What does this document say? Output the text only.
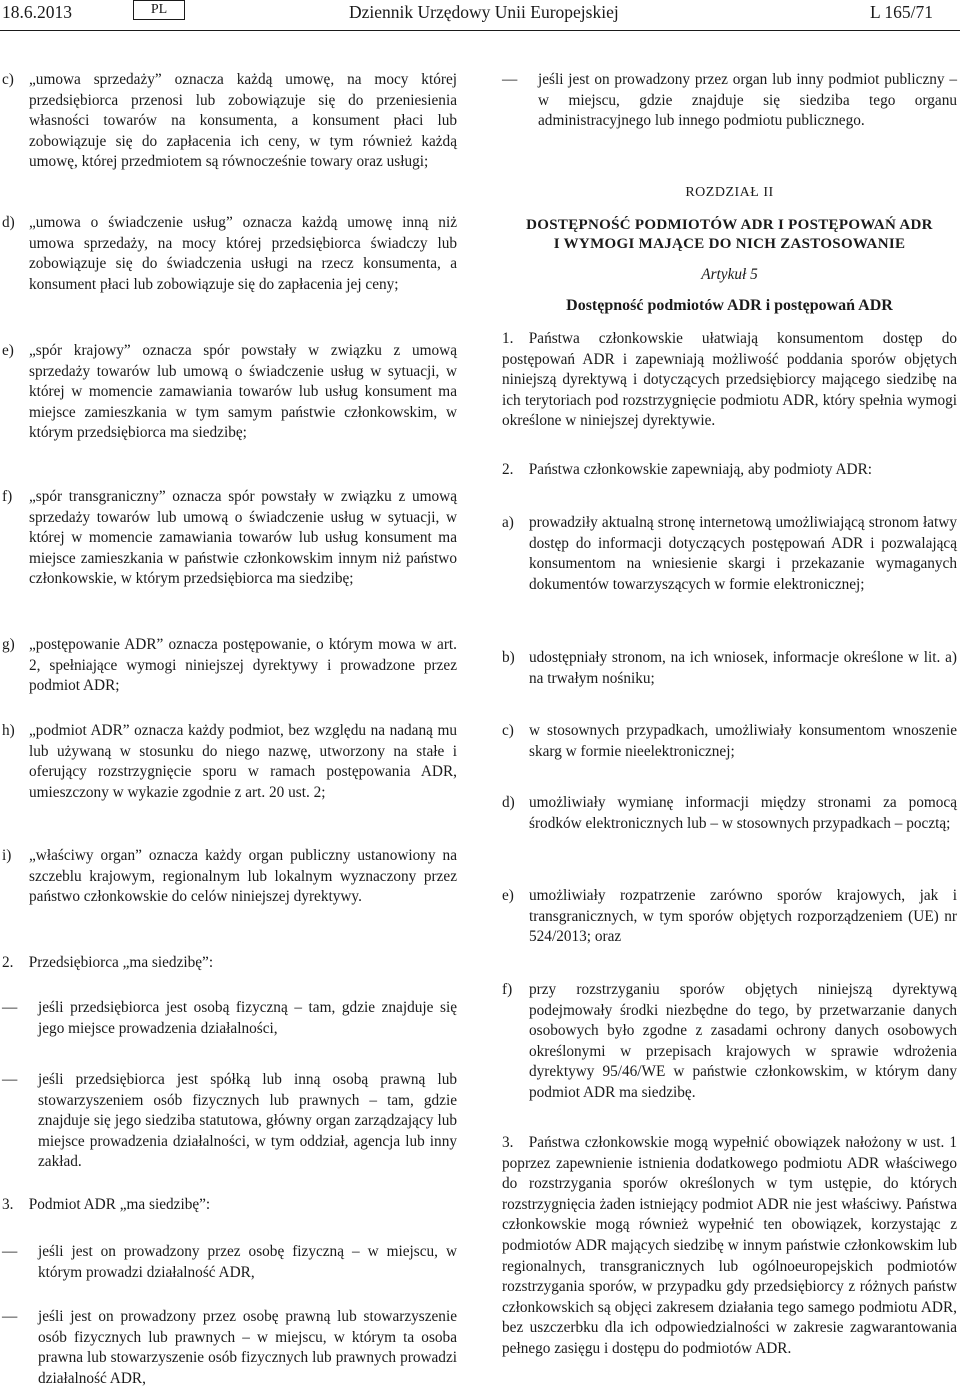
18.6.2013	PL	Dziennik Urzędowy Unii Europejskiej	L 165/71
c) „umowa sprzedaży” oznacza każdą umowę, na mocy której przedsiębiorca przenosi lub zobowiązuje się do przeniesienia własności towarów na konsumenta, a konsument płaci lub zobowiązuje się do zapłacenia ich ceny, w tym również każdą umowę, której przedmiotem są równocześnie towary oraz usługi;
d) „umowa o świadczenie usług” oznacza każdą umowę inną niż umowa sprzedaży, na mocy której przedsiębiorca świadczy lub zobowiązuje się do świadczenia usługi na rzecz konsumenta, a konsument płaci lub zobowiązuje się do zapłacenia jej ceny;
e) „spór krajowy” oznacza spór powstały w związku z umową sprzedaży towarów lub umową o świadczenie usług w sytuacji, w której w momencie zamawiania towarów lub usług konsument ma miejsce zamieszkania w tym samym państwie członkowskim, w którym przedsiębiorca ma siedzibę;
f) „spór transgraniczny” oznacza spór powstały w związku z umową sprzedaży towarów lub umową o świadczenie usług w sytuacji, w której w momencie zamawiania towarów lub usług konsument ma miejsce zamieszkania w państwie członkowskim innym niż państwo członkowskie, w którym przedsiębiorca ma siedzibę;
g) „postępowanie ADR” oznacza postępowanie, o którym mowa w art. 2, spełniające wymogi niniejszej dyrektywy i prowadzone przez podmiot ADR;
h) „podmiot ADR” oznacza każdy podmiot, bez względu na nadaną mu lub używaną w stosunku do niego nazwę, utworzony na stałe i oferujący rozstrzygnięcie sporu w ramach postępowania ADR, umieszczony w wykazie zgodnie z art. 20 ust. 2;
i) „właściwy organ” oznacza każdy organ publiczny ustanowiony na szczeblu krajowym, regionalnym lub lokalnym wyznaczony przez państwo członkowskie do celów niniejszej dyrektywy.
2. Przedsiębiorca „ma siedzibę”:
— jeśli przedsiębiorca jest osobą fizyczną – tam, gdzie znajduje się jego miejsce prowadzenia działalności,
— jeśli przedsiębiorca jest spółką lub inną osobą prawną lub stowarzyszeniem osób fizycznych lub prawnych – tam, gdzie znajduje się jego siedziba statutowa, główny organ zarządzający lub miejsce prowadzenia działalności, w tym oddział, agencja lub inny zakład.
3. Podmiot ADR „ma siedzibę”:
— jeśli jest on prowadzony przez osobę fizyczną – w miejscu, w którym prowadzi działalność ADR,
— jeśli jest on prowadzony przez osobę prawną lub stowarzyszenie osób fizycznych lub prawnych – w miejscu, w którym ta osoba prawna lub stowarzyszenie osób fizycznych lub prawnych prowadzi działalność ADR,
— jeśli jest on prowadzony przez organ lub inny podmiot publiczny – w miejscu, gdzie znajduje się siedziba tego organu administracyjnego lub innego podmiotu publicznego.
ROZDZIAŁ II
DOSTĘPNOŚĆ PODMIOTÓW ADR I POSTĘPOWAŃ ADR
I WYMOGI MAJĄCE DO NICH ZASTOSOWANIE
Artykuł 5
Dostępność podmiotów ADR i postępowań ADR
1. Państwa członkowskie ułatwiają konsumentom dostęp do postępowań ADR i zapewniają możliwość poddania sporów objętych niniejszą dyrektywą i dotyczących przedsiębiorcy mającego siedzibę na ich terytoriach pod rozstrzygnięcie podmiotu ADR, który spełnia wymogi określone w niniejszej dyrektywie.
2. Państwa członkowskie zapewniają, aby podmioty ADR:
a) prowadziły aktualną stronę internetową umożliwiającą stronom łatwy dostęp do informacji dotyczących postępowań ADR i pozwalającą konsumentom na wniesienie skargi i przekazanie wymaganych dokumentów towarzyszących w formie elektronicznej;
b) udostępniały stronom, na ich wniosek, informacje określone w lit. a) na trwałym nośniku;
c) w stosownych przypadkach, umożliwiały konsumentom wnoszenie skarg w formie nieelektronicznej;
d) umożliwiały wymianę informacji między stronami za pomocą środków elektronicznych lub – w stosownych przypadkach – pocztą;
e) umożliwiały rozpatrzenie zarówno sporów krajowych, jak i transgranicznych, w tym sporów objętych rozporządzeniem (UE) nr 524/2013; oraz
f) przy rozstrzyganiu sporów objętych niniejszą dyrektywą podejmowały środki niezbędne do tego, by przetwarzanie danych osobowych było zgodne z zasadami ochrony danych osobowych określonymi w przepisach krajowych w sprawie wdrożenia dyrektywy 95/46/WE w państwie członkowskim, w którym dany podmiot ADR ma siedzibę.
3. Państwa członkowskie mogą wypełnić obowiązek nałożony w ust. 1 poprzez zapewnienie istnienia dodatkowego podmiotu ADR właściwego do rozstrzygania sporów określonych w tym ustępie, do których rozstrzygnięcia żaden istniejący podmiot ADR nie jest właściwy. Państwa członkowskie mogą również wypełnić ten obowiązek, korzystając z podmiotów ADR mających siedzibę w innym państwie członkowskim lub regionalnych, transgranicznych lub ogólnoeuropejskich podmiotów rozstrzygania sporów, w przypadku gdy przedsiębiorcy z różnych państw członkowskich są objęci zakresem działania tego samego podmiotu ADR, bez uszczerbku dla ich odpowiedzialności w zakresie zagwarantowania pełnego zasięgu i dostępu do podmiotów ADR.
